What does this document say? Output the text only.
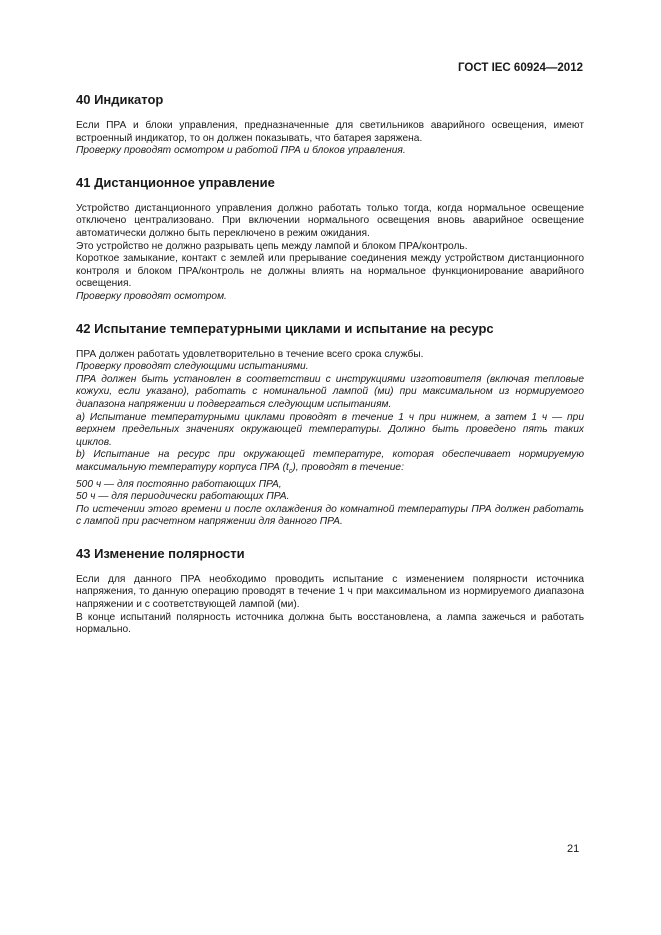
ГОСТ IEC 60924—2012
40 Индикатор

Если ПРА и блоки управления, предназначенные для светильников аварийного освещения, имеют встроенный индикатор, то он должен показывать, что батарея заряжена.

Проверку проводят осмотром и работой ПРА и блоков управления.

41 Дистанционное управление

Устройство дистанционного управления должно работать только тогда, когда нормальное освещение отключено централизовано. При включении нормального освещения вновь аварийное освещение автоматически должно быть переключено в режим ожидания.

Это устройство не должно разрывать цепь между лампой и блоком ПРА/контроль.

Короткое замыкание, контакт с землей или прерывание соединения между устройством дистанционного контроля и блоком ПРА/контроль не должны влиять на нормальное функционирование аварийного освещения.

Проверку проводят осмотром.

42 Испытание температурными циклами и испытание на ресурс

ПРА должен работать удовлетворительно в течение всего срока службы.

Проверку проводят следующими испытаниями.

ПРА должен быть установлен в соответствии с инструкциями изготовителя (включая тепловые кожухи, если указано), работать с номинальной лампой (ми) при максимальном из нормируемого диапазона напряжении и подвергаться следующим испытаниям.

а) Испытание температурными циклами проводят в течение 1 ч при нижнем, а затем 1 ч — при верхнем предельных значениях окружающей температуры. Должно быть проведено пять таких циклов.

b) Испытание на ресурс при окружающей температуре, которая обеспечивает нормируемую максимальную температуру корпуса ПРА $(t_c)$, проводят в течение:

500 ч — для постоянно работающих ПРА,

50 ч — для периодически работающих ПРА.

По истечении этого времени и после охлаждения до комнатной температуры ПРА должен работать с лампой при расчетном напряжении для данного ПРА.

43 Изменение полярности

Если для данного ПРА необходимо проводить испытание с изменением полярности источника напряжения, то данную операцию проводят в течение 1 ч при максимальном из нормируемого диапазона напряжении и с соответствующей лампой (ми).

В конце испытаний полярность источника должна быть восстановлена, а лампа зажечься и работать нормально.

21
